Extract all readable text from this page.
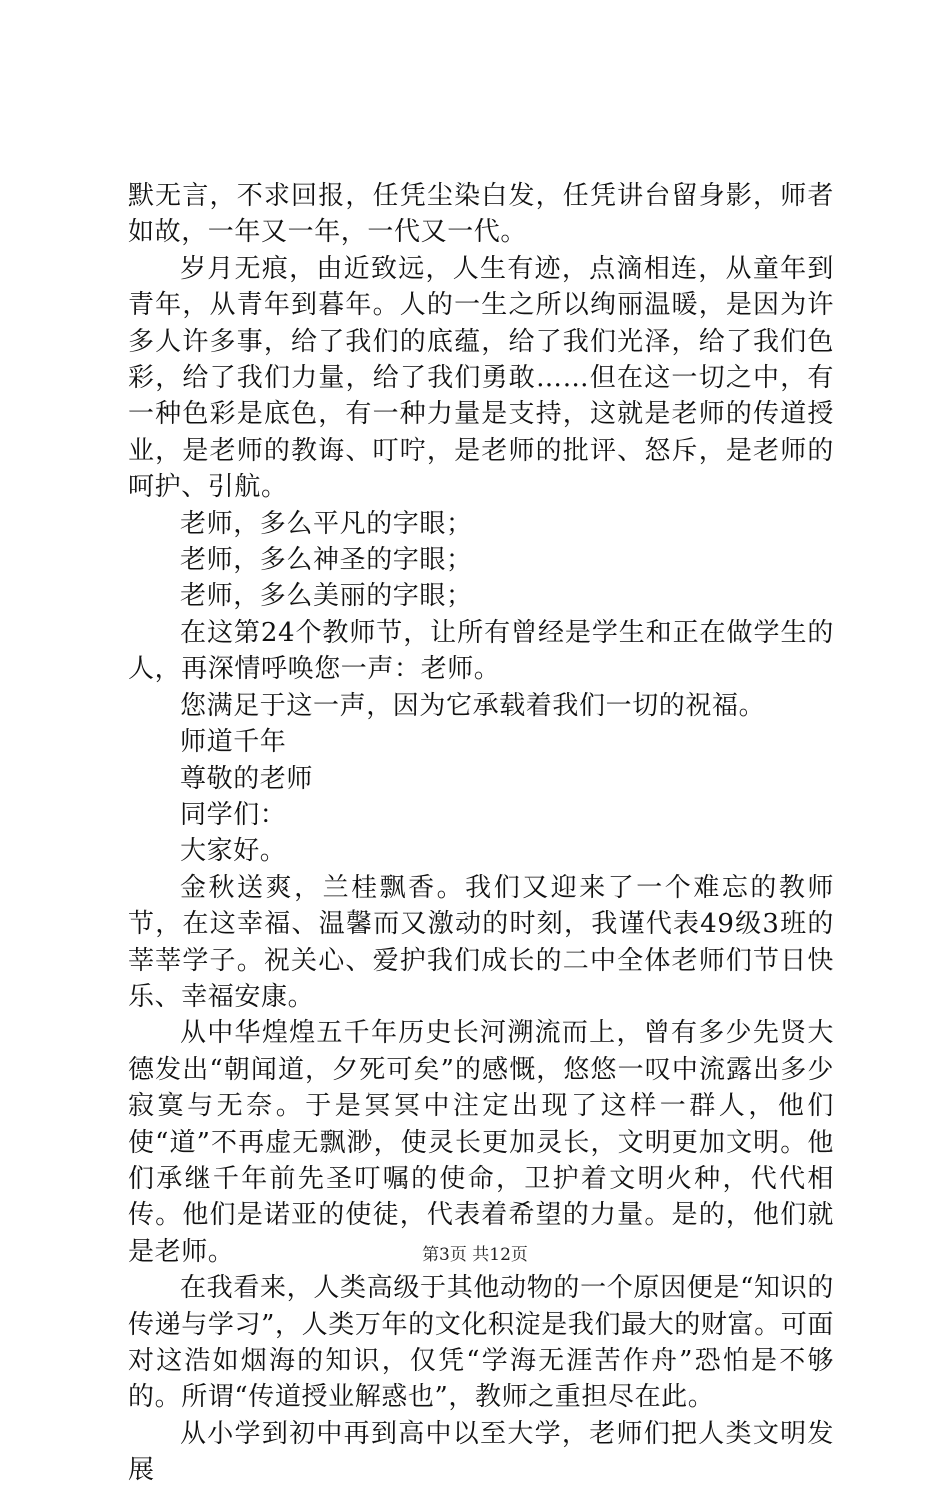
默无言，不求回报，任凭尘染白发，任凭讲台留身影，师者如故，一年又一年，一代又一代。

岁月无痕，由近致远，人生有迹，点滴相连，从童年到青年，从青年到暮年。人的一生之所以绚丽温暖，是因为许多人许多事，给了我们的底蕴，给了我们光泽，给了我们色彩，给了我们力量，给了我们勇敢……但在这一切之中，有一种色彩是底色，有一种力量是支持，这就是老师的传道授业，是老师的教诲、叮咛，是老师的批评、怒斥，是老师的呵护、引航。

老师，多么平凡的字眼；

老师，多么神圣的字眼；

老师，多么美丽的字眼；

在这第24个教师节，让所有曾经是学生和正在做学生的人，再深情呼唤您一声：老师。

您满足于这一声，因为它承载着我们一切的祝福。

师道千年

尊敬的老师

同学们：

大家好。

金秋送爽，兰桂飘香。我们又迎来了一个难忘的教师节，在这幸福、温馨而又激动的时刻，我谨代表49级3班的莘莘学子。祝关心、爱护我们成长的二中全体老师们节日快乐、幸福安康。

从中华煌煌五千年历史长河溯流而上，曾有多少先贤大德发出“朝闻道，夕死可矣”的感慨，悠悠一叹中流露出多少寂寞与无奈。于是冥冥中注定出现了这样一群人，他们使“道”不再虚无飘渺，使灵长更加灵长，文明更加文明。他们承继千年前先圣叮嘱的使命，卫护着文明火种，代代相传。他们是诺亚的使徒，代表着希望的力量。是的，他们就是老师。

在我看来，人类高级于其他动物的一个原因便是“知识的传递与学习”，人类万年的文化积淀是我们最大的财富。可面对这浩如烟海的知识，仅凭“学海无涯苦作舟”恐怕是不够的。所谓“传道授业解惑也”，教师之重担尽在此。

从小学到初中再到高中以至大学，老师们把人类文明发展

第3页 共12页
